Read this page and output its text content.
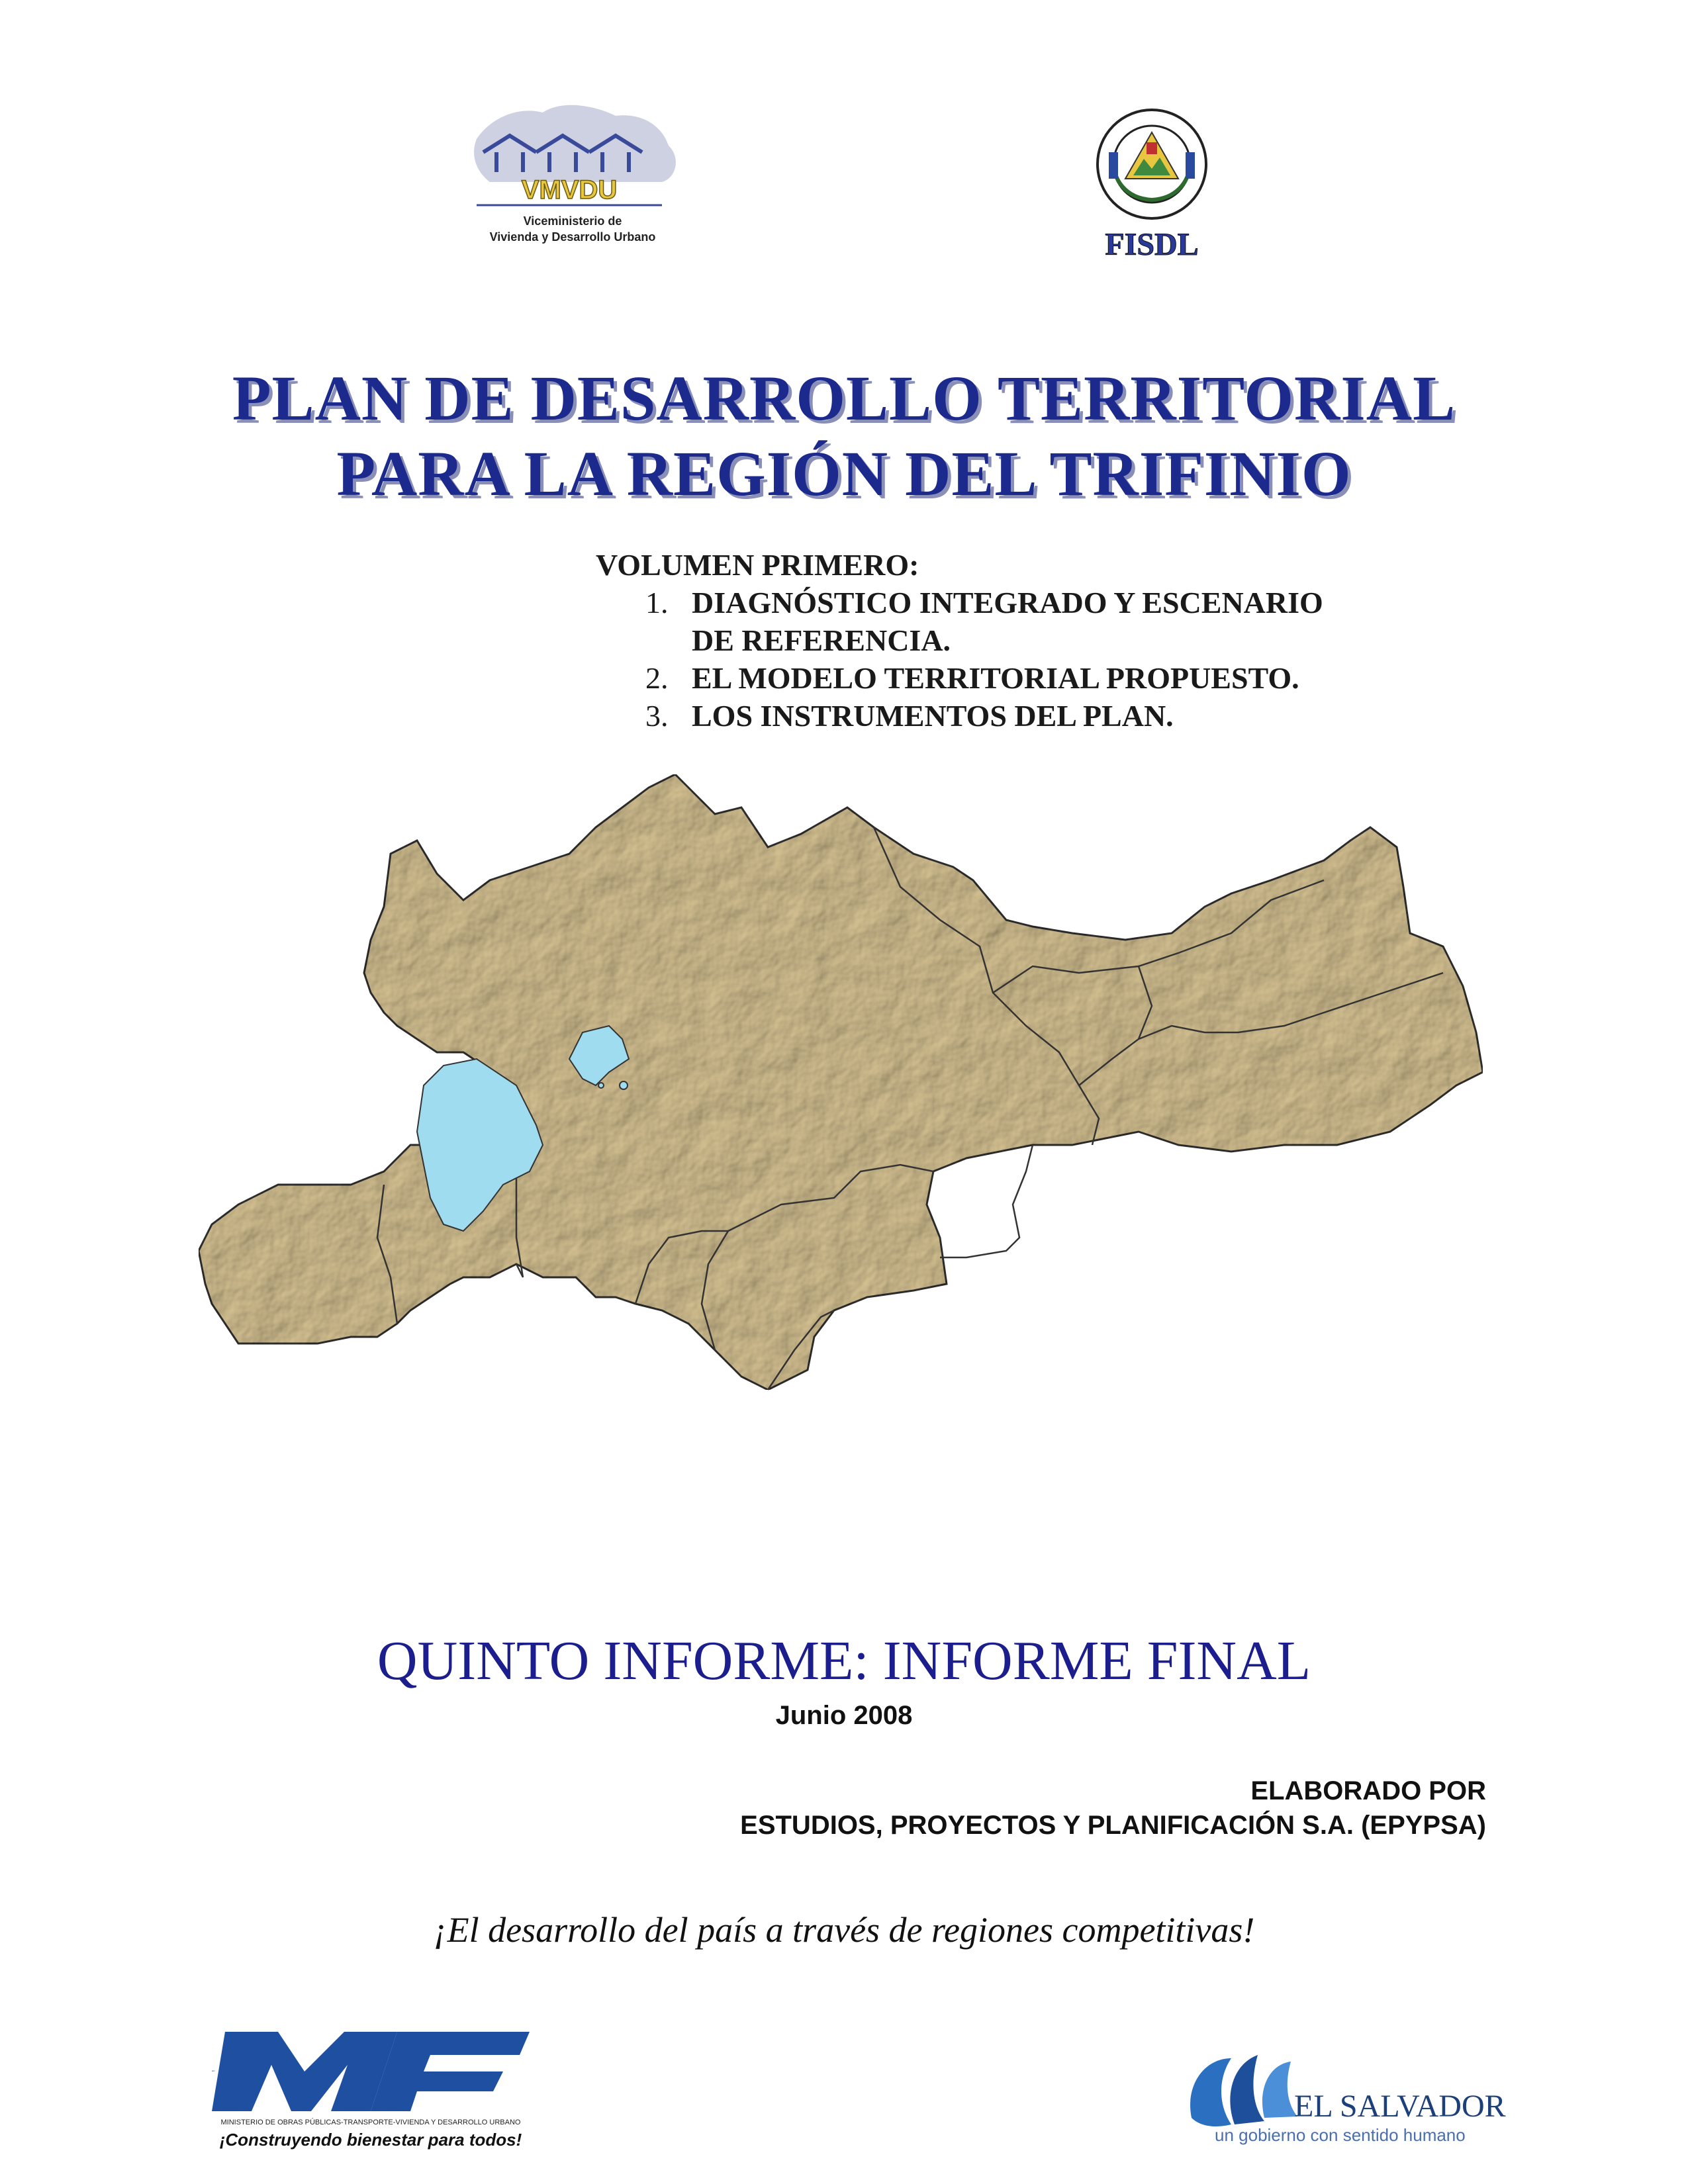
VMVDU
Viceministerio de
Vivienda y Desarrollo Urbano	FISDL
PLAN DE DESARROLLO TERRITORIAL
PARA LA REGIÓN DEL TRIFINIO
VOLUMEN PRIMERO:
1. DIAGNÓSTICO INTEGRADO Y ESCENARIO
DE REFERENCIA.
2. EL MODELO TERRITORIAL PROPUESTO.
3. LOS INSTRUMENTOS DEL PLAN.
QUINTO INFORME: INFORME FINAL
Junio 2008
ELABORADO POR
ESTUDIOS, PROYECTOS Y PLANIFICACIÓN S.A. (EPYPSA)
¡El desarrollo del país a través de regiones competitivas!
MOP
MINISTERIO DE OBRAS PÚBLICAS-TRANSPORTE-VIVIENDA Y DESARROLLO URBANO
¡Construyendo bienestar para todos!
EL SALVADOR
un gobierno con sentido humano
